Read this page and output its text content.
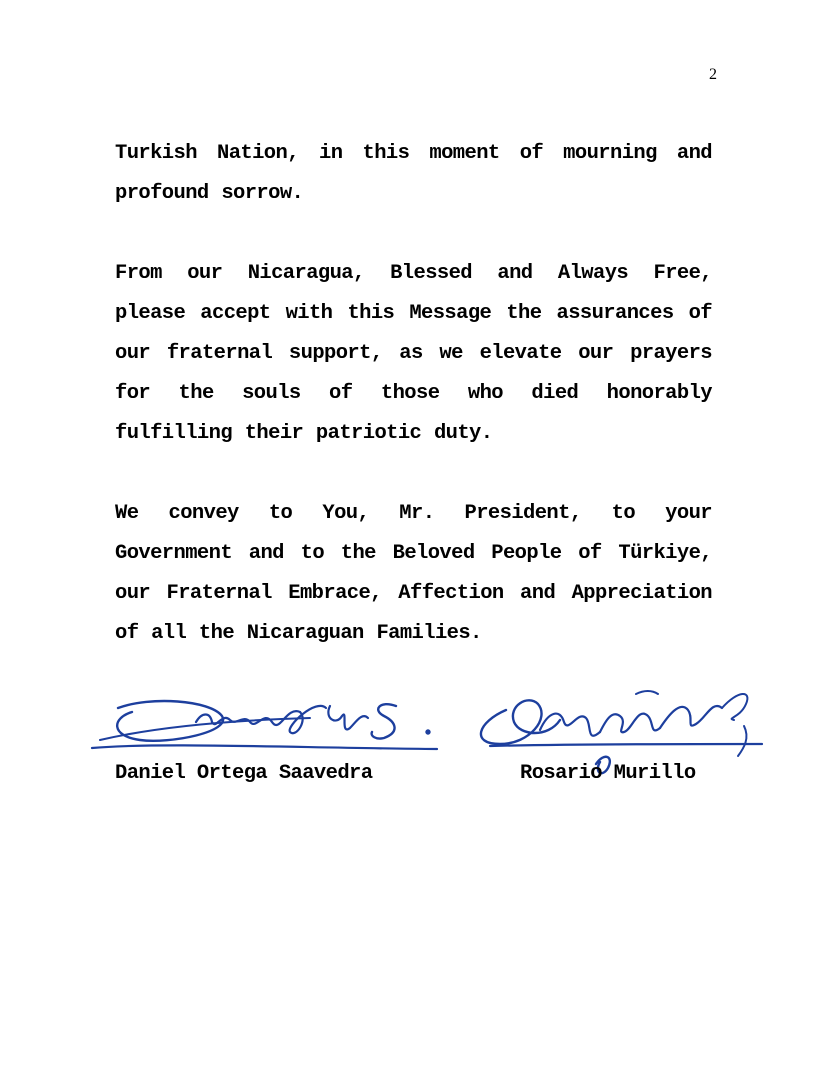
2

Turkish Nation, in this moment of mourning and profound sorrow.

From our Nicaragua, Blessed and Always Free, please accept with this Message the assurances of our fraternal support, as we elevate our prayers for the souls of those who died honorably fulfilling their patriotic duty.

We convey to You, Mr. President, to your Government and to the Beloved People of Türkiye, our Fraternal Embrace, Affection and Appreciation of all the Nicaraguan Families.

Daniel Ortega Saavedra	Rosario Murillo
